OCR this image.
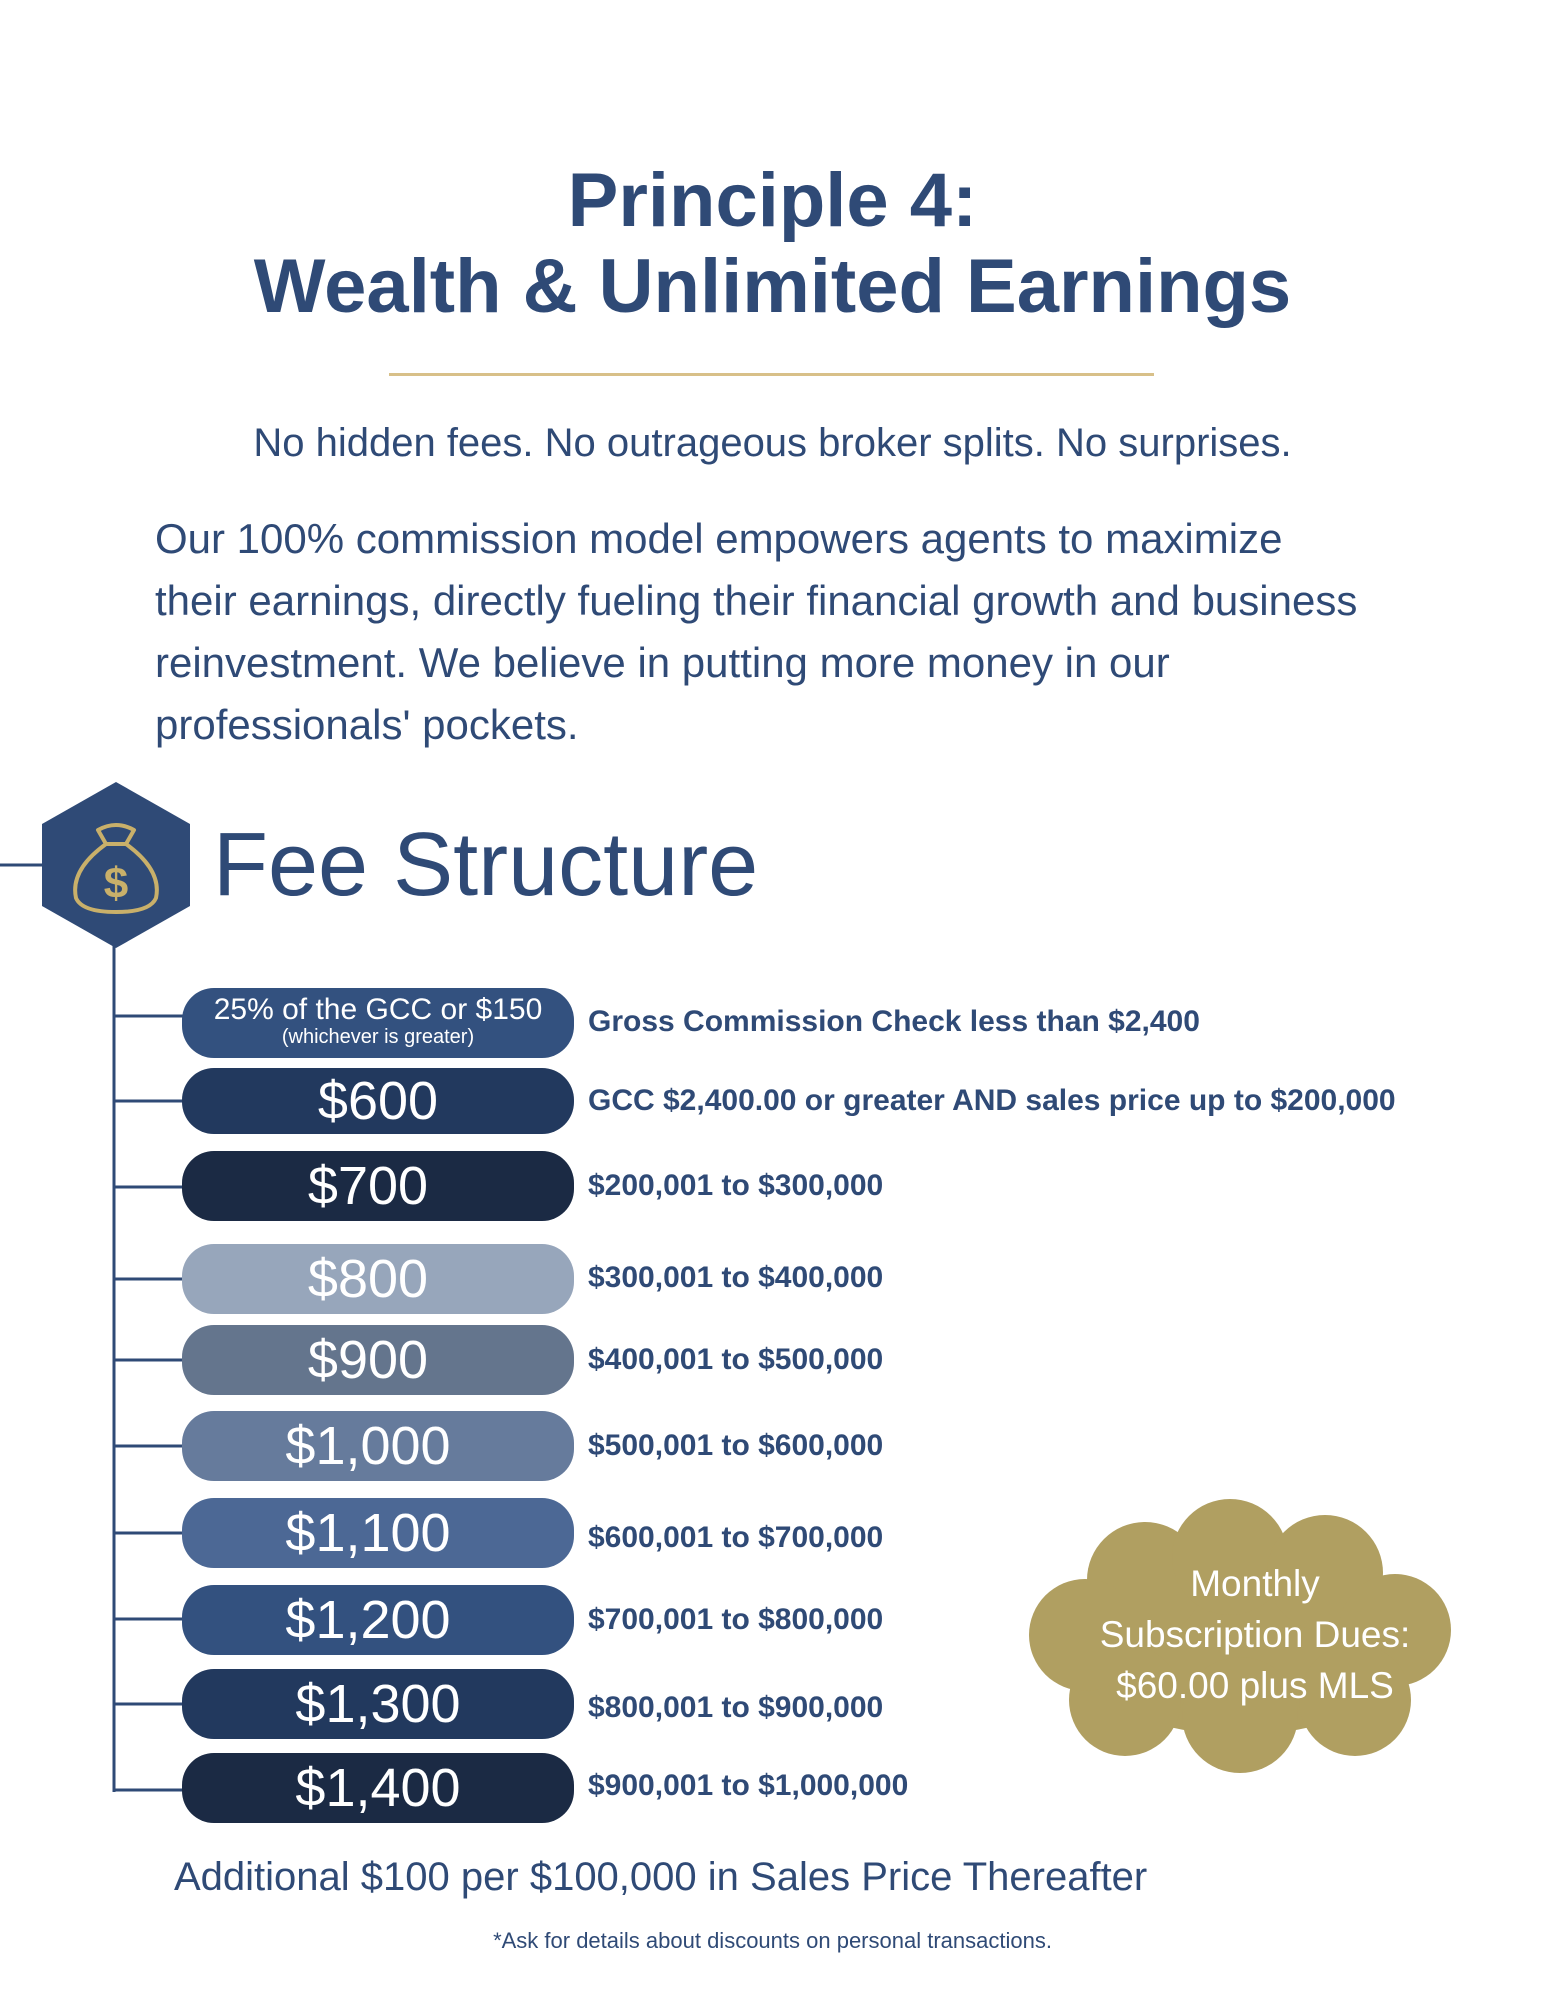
Principle 4:
Wealth & Unlimited Earnings
No hidden fees. No outrageous broker splits. No surprises.
Our 100% commission model empowers agents to maximize their earnings, directly fueling their financial growth and business reinvestment. We believe in putting more money in our professionals' pockets.
$ Fee Structure
25% of the GCC or $150
(whichever is greater)	Gross Commission Check less than $2,400
$600	GCC $2,400.00 or greater AND sales price up to $200,000
$700	$200,001 to $300,000
$800	$300,001 to $400,000
$900	$400,001 to $500,000
$1,000	$500,001 to $600,000
$1,100	$600,001 to $700,000
$1,200	$700,001 to $800,000
$1,300	$800,001 to $900,000
$1,400	$900,001 to $1,000,000
Monthly
Subscription Dues:
$60.00 plus MLS
Additional $100 per $100,000 in Sales Price Thereafter
*Ask for details about discounts on personal transactions.
